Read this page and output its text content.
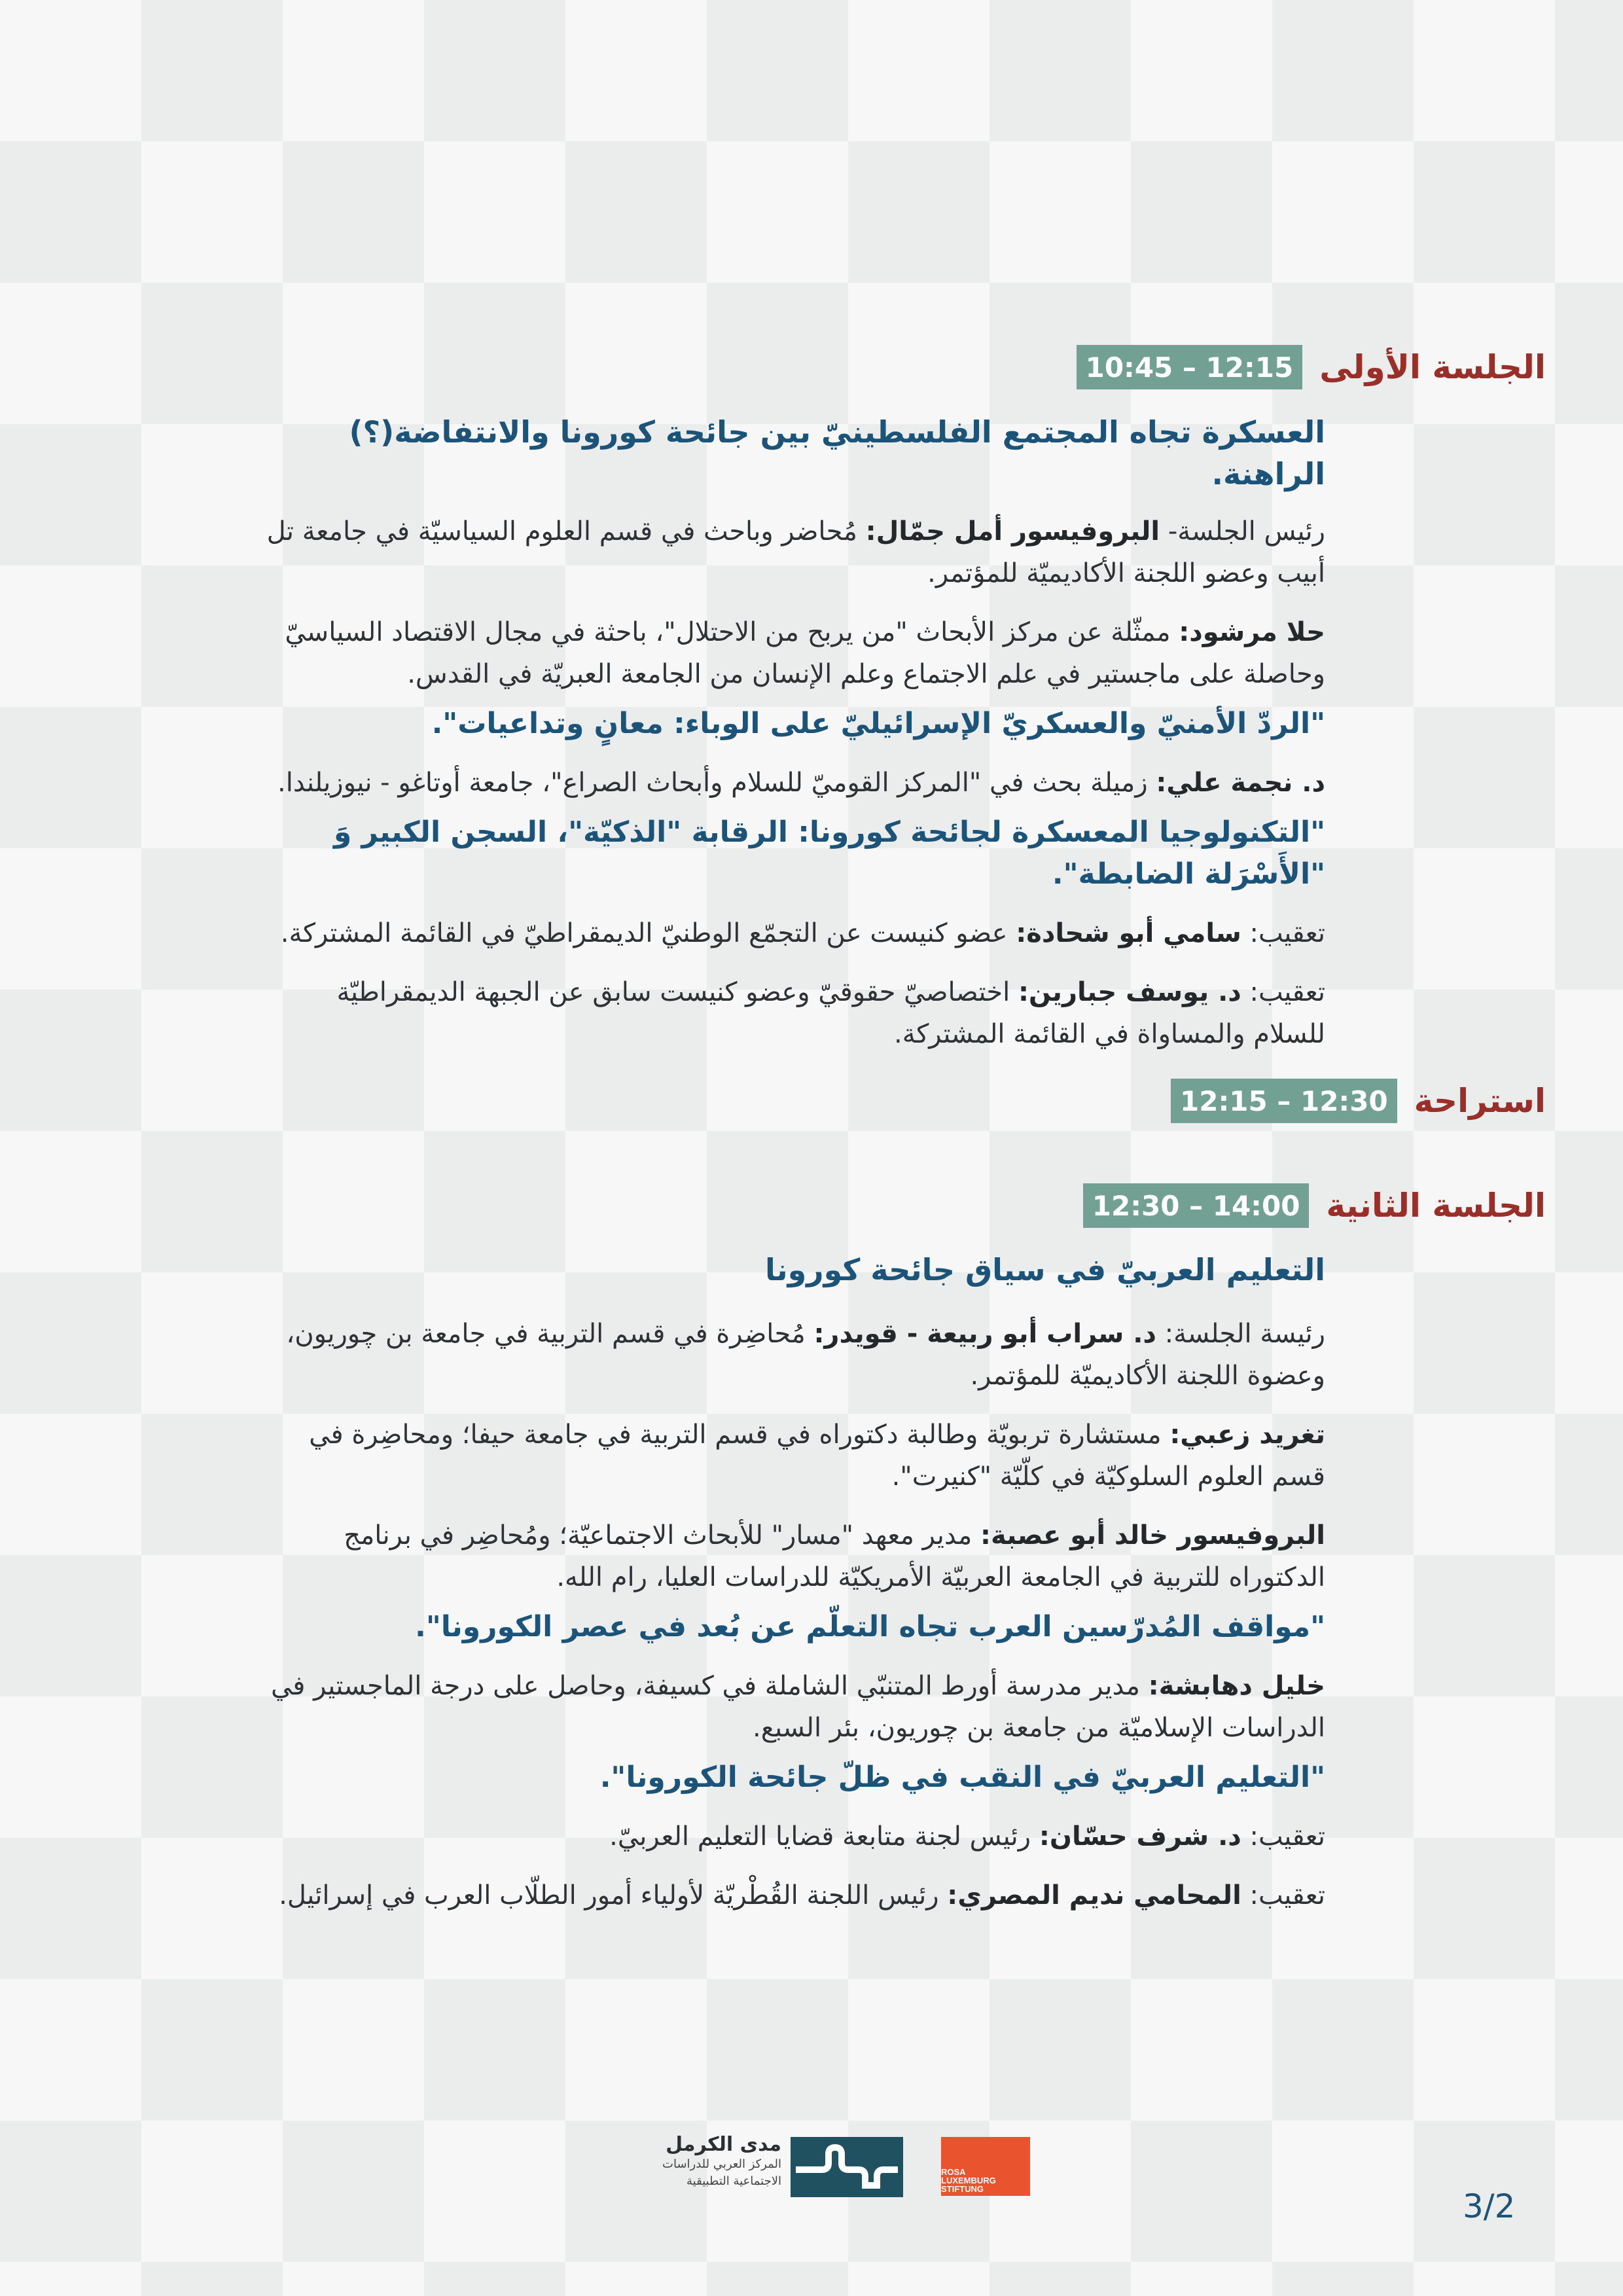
10:45 – 12:15 الجلسة الأولى

العسكرة تجاه المجتمع الفلسطينيّ بين جائحة كورونا والانتفاضة(؟) الراهنة.

رئيس الجلسة- البروفيسور أمل جمّال: مُحاضر وباحث في قسم العلوم السياسيّة في جامعة تل أبيب وعضو اللجنة الأكاديميّة للمؤتمر.

حلا مرشود: ممثّلة عن مركز الأبحاث "من يربح من الاحتلال"، باحثة في مجال الاقتصاد السياسيّ وحاصلة على ماجستير في علم الاجتماع وعلم الإنسان من الجامعة العبريّة في القدس.

"الردّ الأمنيّ والعسكريّ الإسرائيليّ على الوباء: معانٍ وتداعيات".

د. نجمة علي: زميلة بحث في "المركز القوميّ للسلام وأبحاث الصراع"، جامعة أوتاغو - نيوزيلندا.

"التكنولوجيا المعسكرة لجائحة كورونا: الرقابة "الذكيّة"، السجن الكبير وَ "الأَسْرَلة الضابطة".

تعقيب: سامي أبو شحادة: عضو كنيست عن التجمّع الوطنيّ الديمقراطيّ في القائمة المشتركة.

تعقيب: د. يوسف جبارين: اختصاصيّ حقوقيّ وعضو كنيست سابق عن الجبهة الديمقراطيّة للسلام والمساواة في القائمة المشتركة.

12:15 – 12:30 استراحة
12:30 – 14:00 الجلسة الثانية

التعليم العربيّ في سياق جائحة كورونا

رئيسة الجلسة: د. سراب أبو ربيعة - قويدر: مُحاضِرة في قسم التربية في جامعة بن چوريون، وعضوة اللجنة الأكاديميّة للمؤتمر.

تغريد زعبي: مستشارة تربويّة وطالبة دكتوراه في قسم التربية في جامعة حيفا؛ ومحاضِرة في قسم العلوم السلوكيّة في كلّيّة "كنيرت".

البروفيسور خالد أبو عصبة: مدير معهد "مسار" للأبحاث الاجتماعيّة؛ ومُحاضِر في برنامج الدكتوراه للتربية في الجامعة العربيّة الأمريكيّة للدراسات العليا، رام الله.

"مواقف المُدرّسين العرب تجاه التعلّم عن بُعد في عصر الكورونا".

خليل دهابشة: مدير مدرسة أورط المتنبّي الشاملة في كسيفة، وحاصل على درجة الماجستير في الدراسات الإسلاميّة من جامعة بن چوريون، بئر السبع.

"التعليم العربيّ في النقب في ظلّ جائحة الكورونا".

تعقيب: د. شرف حسّان: رئيس لجنة متابعة قضايا التعليم العربيّ.

تعقيب: المحامي نديم المصري: رئيس اللجنة القُطْريّة لأولياء أمور الطلّاب العرب في إسرائيل.

مدى الكرمل
المركز العربي للدراسات
الاجتماعية التطبيقية
ROSA
LUXEMBURG
STIFTUNG	3/2
